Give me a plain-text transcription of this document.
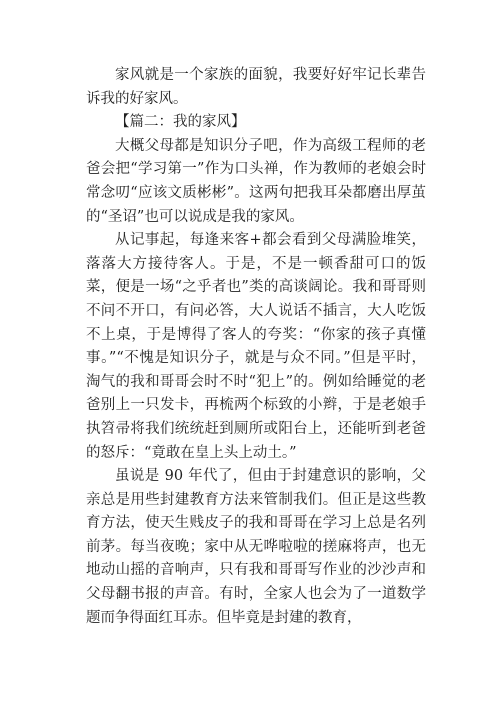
家风就是一个家族的面貌，我要好好牢记长辈告诉我的好家风。

【篇二：我的家风】

大概父母都是知识分子吧，作为高级工程师的老爸会把“学习第一”作为口头禅，作为教师的老娘会时常念叨“应该文质彬彬”。这两句把我耳朵都磨出厚茧的“圣诏”也可以说成是我的家风。

从记事起，每逢来客+都会看到父母满脸堆笑，落落大方接待客人。于是，不是一顿香甜可口的饭菜，便是一场“之乎者也”类的高谈阔论。我和哥哥则不问不开口，有问必答，大人说话不插言，大人吃饭不上桌，于是博得了客人的夸奖：“你家的孩子真懂事。”“不愧是知识分子，就是与众不同。”但是平时，淘气的我和哥哥会时不时“犯上”的。例如给睡觉的老爸别上一只发卡，再梳两个标致的小辫，于是老娘手执笤帚将我们统统赶到厕所或阳台上，还能听到老爸的怒斥：“竟敢在皇上头上动土。”

虽说是 90 年代了，但由于封建意识的影响，父亲总是用些封建教育方法来管制我们。但正是这些教育方法，使天生贱皮子的我和哥哥在学习上总是名列前茅。每当夜晚；家中从无哗啦啦的搓麻将声，也无地动山摇的音响声，只有我和哥哥写作业的沙沙声和父母翻书报的声音。有时，全家人也会为了一道数学题而争得面红耳赤。但毕竟是封建的教育，
